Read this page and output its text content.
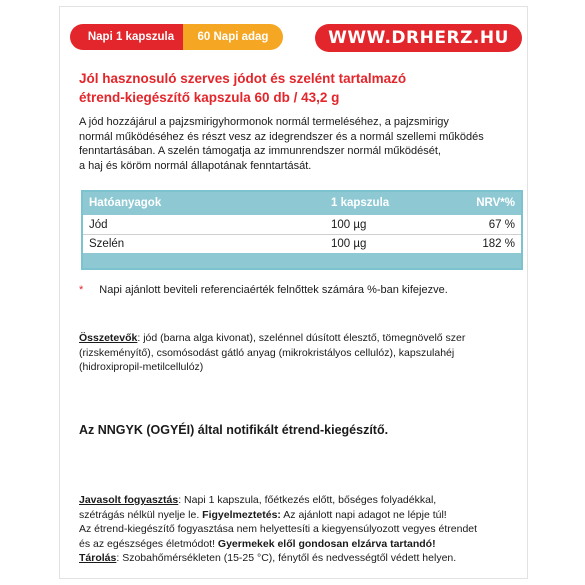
Napi 1 kapszula 60 Napi adag	WWW.DRHERZ.HU
Jól hasznosuló szerves jódot és szelént tartalmazó
étrend-kiegészítő kapszula 60 db / 43,2 g
A jód hozzájárul a pajzsmirigyhormonok normál termeléséhez, a pajzsmirigy
normál működéséhez és részt vesz az idegrendszer és a normál szellemi működés
fenntartásában. A szelén támogatja az immunrendszer normál működését,
a haj és köröm normál állapotának fenntartását.
Hatóanyagok	1 kapszula	NRV*%
Jód	100 µg	67 %
Szelén	100 µg	182 %
* Napi ajánlott beviteli referenciaérték felnőttek számára %-ban kifejezve.
Összetevők: jód (barna alga kivonat), szelénnel dúsított élesztő, tömegnövelő szer
(rizskeményítő), csomósodást gátló anyag (mikrokristályos cellulóz), kapszulahéj
(hidroxipropil-metilcellulóz)
Az NNGYK (OGYÉI) által notifikált étrend-kiegészítő.
Javasolt fogyasztás: Napi 1 kapszula, főétkezés előtt, bőséges folyadékkal,
szétrágás nélkül nyelje le. Figyelmeztetés: Az ajánlott napi adagot ne lépje túl!
Az étrend-kiegészítő fogyasztása nem helyettesíti a kiegyensúlyozott vegyes étrendet
és az egészséges életmódot! Gyermekek elől gondosan elzárva tartandó!
Tárolás: Szobahőmérsékleten (15-25 °C), fénytől és nedvességtől védett helyen.
